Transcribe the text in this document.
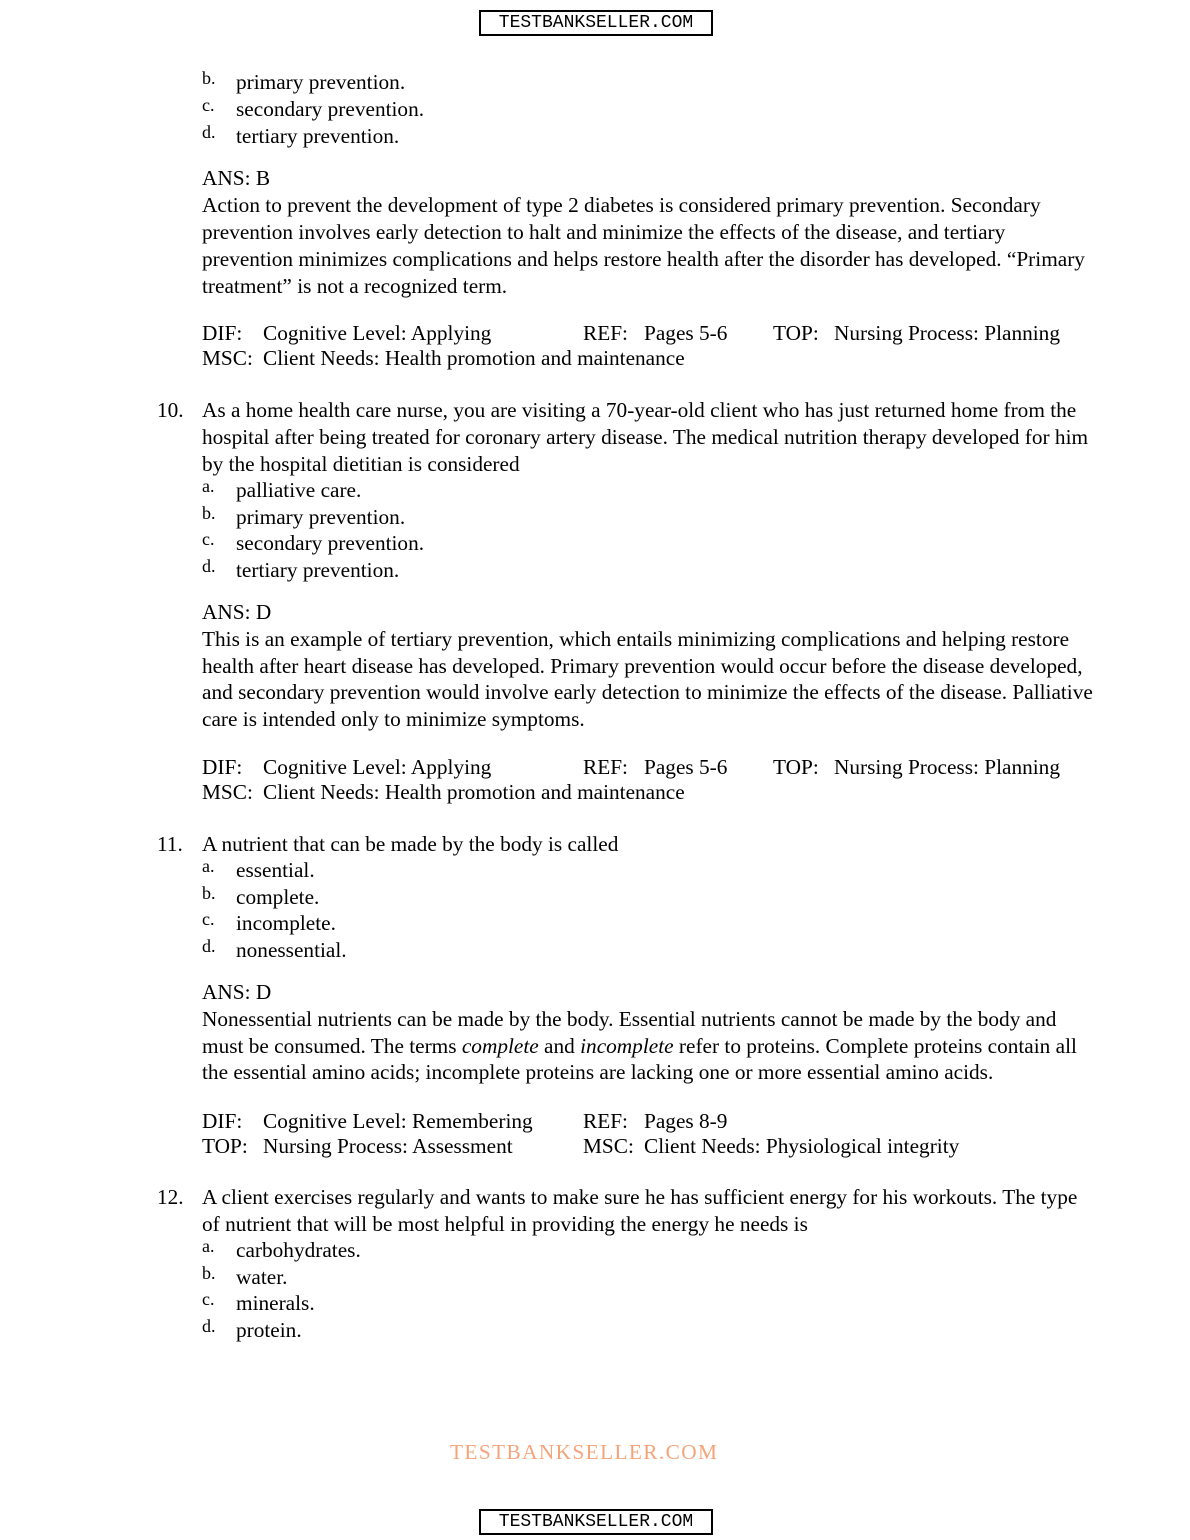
TESTBANKSELLER.COM
b. primary prevention.
c. secondary prevention.
d. tertiary prevention.
ANS: B
Action to prevent the development of type 2 diabetes is considered primary prevention. Secondary prevention involves early detection to halt and minimize the effects of the disease, and tertiary prevention minimizes complications and helps restore health after the disorder has developed. “Primary treatment” is not a recognized term.
DIF: Cognitive Level: Applying	REF: Pages 5-6 TOP: Nursing Process: Planning
MSC: Client Needs: Health promotion and maintenance
10. As a home health care nurse, you are visiting a 70-year-old client who has just returned home from the hospital after being treated for coronary artery disease. The medical nutrition therapy developed for him by the hospital dietitian is considered
a. palliative care.
b. primary prevention.
c. secondary prevention.
d. tertiary prevention.
ANS: D
This is an example of tertiary prevention, which entails minimizing complications and helping restore health after heart disease has developed. Primary prevention would occur before the disease developed, and secondary prevention would involve early detection to minimize the effects of the disease. Palliative care is intended only to minimize symptoms.
DIF: Cognitive Level: Applying	REF: Pages 5-6 TOP: Nursing Process: Planning
MSC: Client Needs: Health promotion and maintenance
11. A nutrient that can be made by the body is called
a. essential.
b. complete.
c. incomplete.
d. nonessential.
ANS: D
Nonessential nutrients can be made by the body. Essential nutrients cannot be made by the body and must be consumed. The terms complete and incomplete refer to proteins. Complete proteins contain all the essential amino acids; incomplete proteins are lacking one or more essential amino acids.
DIF: Cognitive Level: Remembering REF: Pages 8-9
TOP: Nursing Process: Assessment	MSC: Client Needs: Physiological integrity
12. A client exercises regularly and wants to make sure he has sufficient energy for his workouts. The type of nutrient that will be most helpful in providing the energy he needs is
a. carbohydrates.
b. water.
c. minerals.
d. protein.
TESTBANKSELLER.COM
TESTBANKSELLER.COM
